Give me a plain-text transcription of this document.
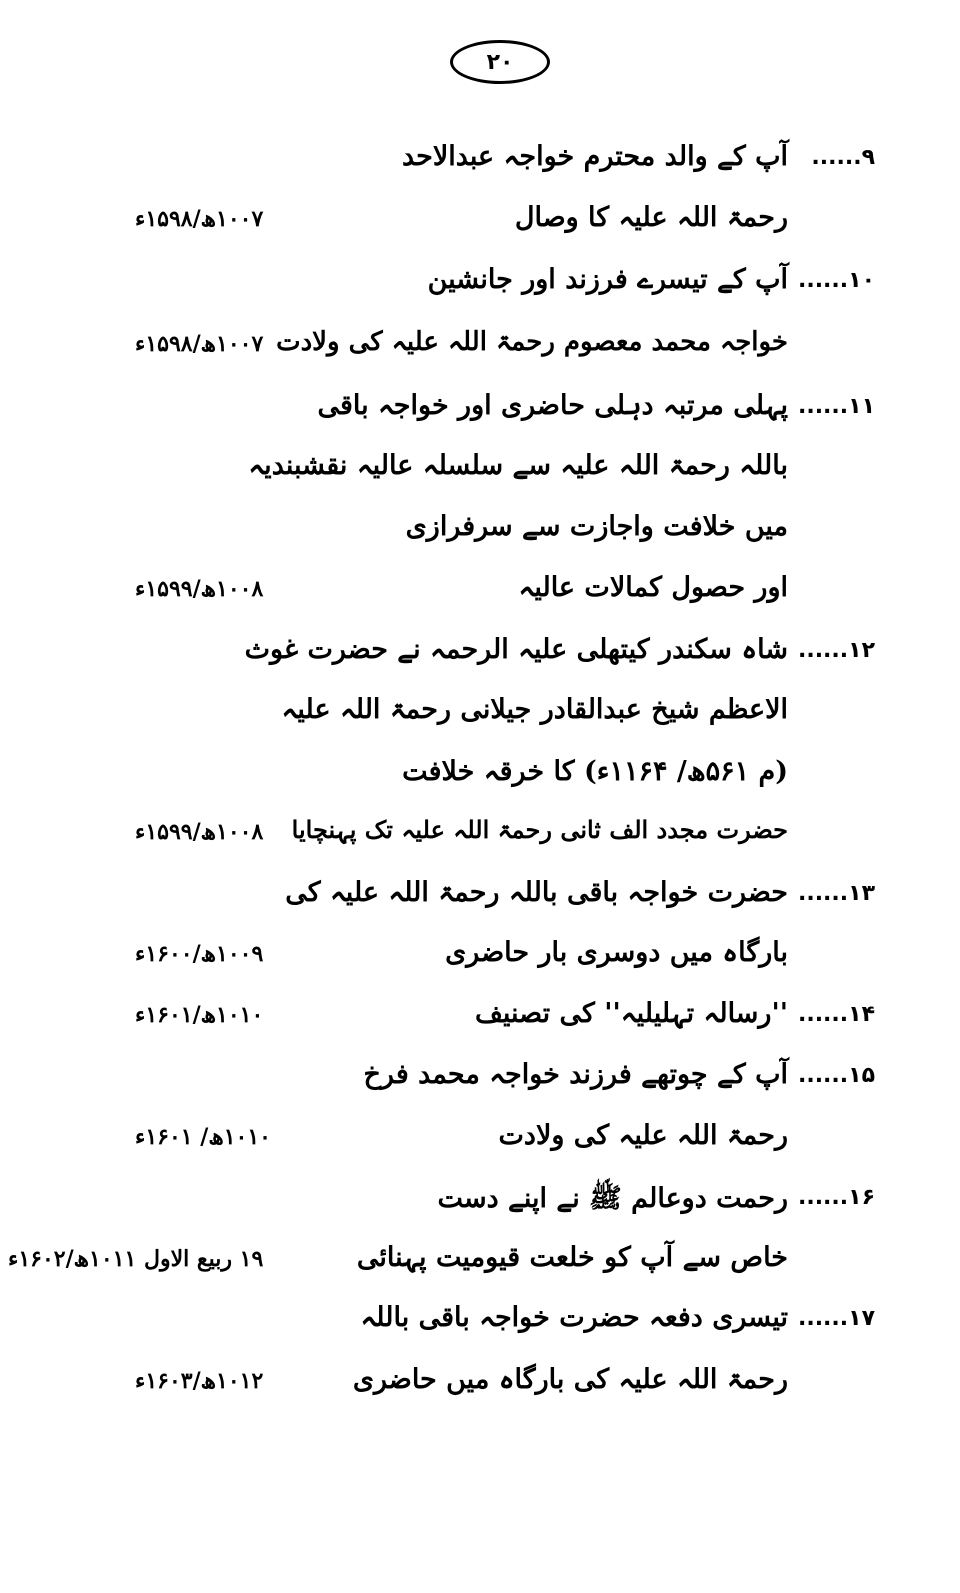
۲۰
۹......
آپ کے والد محترم خواجہ عبدالاحد
رحمۃ اللہ علیہ کا وصال
۱۰۰۷ھ/۱۵۹۸ء
۱۰......
آپ کے تیسرے فرزند اور جانشین
خواجہ محمد معصوم رحمۃ اللہ علیہ کی ولادت
۱۰۰۷ھ/۱۵۹۸ء
۱۱......
پہلی مرتبہ دہلی حاضری اور خواجہ باقی
باللہ رحمۃ اللہ علیہ سے سلسلہ عالیہ نقشبندیہ
میں خلافت واجازت سے سرفرازی
اور حصول کمالات عالیہ
۱۰۰۸ھ/۱۵۹۹ء
۱۲......
شاہ سکندر کیتھلی علیہ الرحمہ نے حضرت غوث
الاعظم شیخ عبدالقادر جیلانی رحمۃ اللہ علیہ
(م ۵۶۱ھ/ ۱۱۶۴ء) کا خرقہ خلافت
حضرت مجدد الف ثانی رحمۃ اللہ علیہ تک پہنچایا
۱۰۰۸ھ/۱۵۹۹ء
۱۳......
حضرت خواجہ باقی باللہ رحمۃ اللہ علیہ کی
بارگاہ میں دوسری بار حاضری
۱۰۰۹ھ/۱۶۰۰ء
۱۴......
''رسالہ تہلیلیہ'' کی تصنیف
۱۰۱۰ھ/۱۶۰۱ء
۱۵......
آپ کے چوتھے فرزند خواجہ محمد فرخ
رحمۃ اللہ علیہ کی ولادت
۱۰۱۰ھ/ ۱۶۰۱ء
۱۶......
رحمت دوعالم ﷺ نے اپنے دست
خاص سے آپ کو خلعت قیومیت پہنائی
۱۹ ربیع الاول ۱۰۱۱ھ/۱۶۰۲ء
۱۷......
تیسری دفعہ حضرت خواجہ باقی باللہ
رحمۃ اللہ علیہ کی بارگاہ میں حاضری
۱۰۱۲ھ/۱۶۰۳ء
